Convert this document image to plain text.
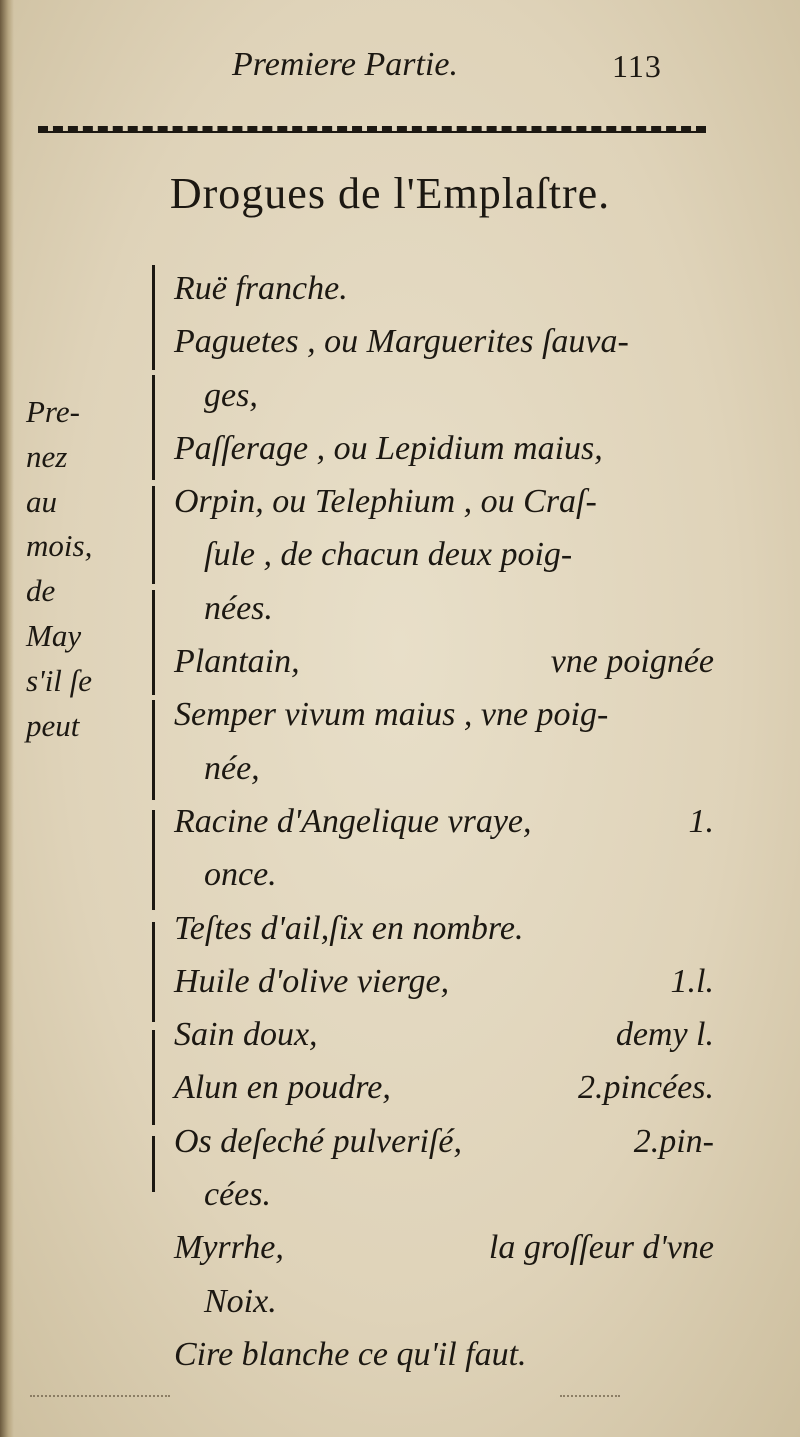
Premiere Partie.	113
Drogues de l'Emplaſtre.
Pre-
nez
au
mois,
de
May
s'il ſe
peut
Ruë franche.
Paguetes , ou Marguerites ſauva-
ges,
Paſſerage , ou Lepidium maius,
Orpin, ou Telephium , ou Craſ-
ſule , de chacun deux poig-
nées.
Plantain,	vne poignée
Semper vivum maius , vne poig-
née,
Racine d'Angelique vraye,	1.
once.
Teſtes d'ail,ſix en nombre.
Huile d'olive vierge,	1.l.
Sain doux,	demy l.
Alun en poudre,	2.pincées.
Os deſeché pulveriſé,	2.pin-
cées.
Myrrhe,	la groſſeur d'vne
Noix.
Cire blanche ce qu'il faut.
